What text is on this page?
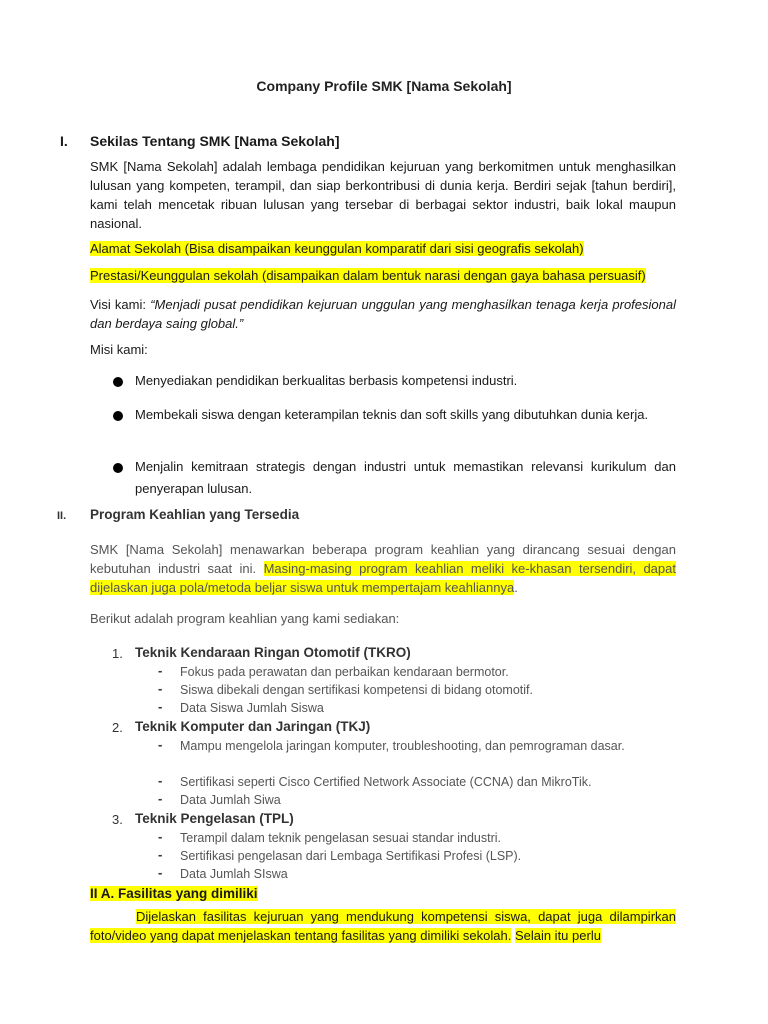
Company Profile SMK [Nama Sekolah]
I. Sekilas Tentang SMK [Nama Sekolah]
SMK [Nama Sekolah] adalah lembaga pendidikan kejuruan yang berkomitmen untuk menghasilkan lulusan yang kompeten, terampil, dan siap berkontribusi di dunia kerja. Berdiri sejak [tahun berdiri], kami telah mencetak ribuan lulusan yang tersebar di berbagai sektor industri, baik lokal maupun nasional.
Alamat Sekolah (Bisa disampaikan keunggulan komparatif dari sisi geografis sekolah)
Prestasi/Keunggulan sekolah (disampaikan dalam bentuk narasi dengan gaya bahasa persuasif)
Visi kami: “Menjadi pusat pendidikan kejuruan unggulan yang menghasilkan tenaga kerja profesional dan berdaya saing global.”
Misi kami:
Menyediakan pendidikan berkualitas berbasis kompetensi industri.
Membekali siswa dengan keterampilan teknis dan soft skills yang dibutuhkan dunia kerja.
Menjalin kemitraan strategis dengan industri untuk memastikan relevansi kurikulum dan penyerapan lulusan.
II. Program Keahlian yang Tersedia
SMK [Nama Sekolah] menawarkan beberapa program keahlian yang dirancang sesuai dengan kebutuhan industri saat ini. Masing-masing program keahlian meliki ke-khasan tersendiri, dapat dijelaskan juga pola/metoda beljar siswa untuk mempertajam keahliannya.
Berikut adalah program keahlian yang kami sediakan:
1. Teknik Kendaraan Ringan Otomotif (TKRO)
- Fokus pada perawatan dan perbaikan kendaraan bermotor.
- Siswa dibekali dengan sertifikasi kompetensi di bidang otomotif.
- Data Siswa Jumlah Siswa
2. Teknik Komputer dan Jaringan (TKJ)
- Mampu mengelola jaringan komputer, troubleshooting, dan pemrograman dasar.
- Sertifikasi seperti Cisco Certified Network Associate (CCNA) dan MikroTik.
- Data Jumlah Siwa
3. Teknik Pengelasan (TPL)
- Terampil dalam teknik pengelasan sesuai standar industri.
- Sertifikasi pengelasan dari Lembaga Sertifikasi Profesi (LSP).
- Data Jumlah SIswa
II A. Fasilitas yang dimiliki
Dijelaskan fasilitas kejuruan yang mendukung kompetensi siswa, dapat juga dilampirkan foto/video yang dapat menjelaskan tentang fasilitas yang dimiliki sekolah. Selain itu perlu
